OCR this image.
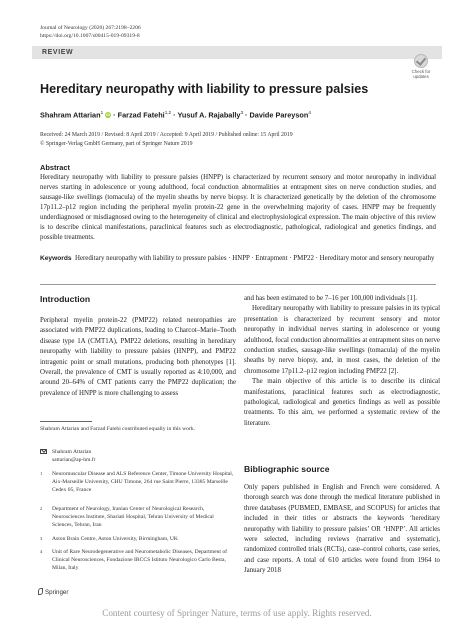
Journal of Neurology (2020) 267:2198–2206
https://doi.org/10.1007/s00415-019-09319-8
REVIEW
Check for updates
Hereditary neuropathy with liability to pressure palsies
Shahram Attarian$^1$ iD · Farzad Fatehi$^{1,2}$ · Yusuf A. Rajabally$^3$ · Davide Pareyson$^4$
Received: 24 March 2019 / Revised: 8 April 2019 / Accepted: 9 April 2019 / Published online: 15 April 2019
© Springer-Verlag GmbH Germany, part of Springer Nature 2019
Abstract
Hereditary neuropathy with liability to pressure palsies (HNPP) is characterized by recurrent sensory and motor neuropathy in individual nerves starting in adolescence or young adulthood, focal conduction abnormalities at entrapment sites on nerve conduction studies, and sausage-like swellings (tomacula) of the myelin sheaths by nerve biopsy. It is characterized genetically by the deletion of the chromosome 17p11.2–p12 region including the peripheral myelin protein-22 gene in the overwhelming majority of cases. HNPP may be frequently underdiagnosed or misdiagnosed owing to the heterogeneity of clinical and electrophysiological expression. The main objective of this review is to describe clinical manifestations, paraclinical features such as electrodiagnostic, pathological, radiological and genetics findings, and possible treatments.
Keywords Hereditary neuropathy with liability to pressure palsies · HNPP · Entrapment · PMP22 · Hereditary motor and sensory neuropathy
Introduction

Peripheral myelin protein-22 (PMP22) related neuropathies are associated with PMP22 duplications, leading to Charcot–Marie–Tooth disease type 1A (CMT1A), PMP22 deletions, resulting in hereditary neuropathy with liability to pressure palsies (HNPP), and PMP22 intragenic point or small mutations, producing both phenotypes [1]. Overall, the prevalence of CMT is usually reported as 4:10,000, and around 20–64% of CMT patients carry the PMP22 duplication; the prevalence of HNPP is more challenging to assess

and has been estimated to be 7–16 per 100,000 individuals [1].

Hereditary neuropathy with liability to pressure palsies in its typical presentation is characterized by recurrent sensory and motor neuropathy in individual nerves starting in adolescence or young adulthood, focal conduction abnormalities at entrapment sites on nerve conduction studies, sausage-like swellings (tomacula) of the myelin sheaths by nerve biopsy, and, in most cases, the deletion of the chromosome 17p11.2–p12 region including PMP22 [2].

The main objective of this article is to describe its clinical manifestations, paraclinical features such as electrodiagnostic, pathological, radiological and genetics findings as well as possible treatments. To this aim, we performed a systematic review of the literature.

Bibliographic source

Only papers published in English and French were considered. A thorough search was done through the medical literature published in three databases (PUBMED, EMBASE, and SCOPUS) for articles that included in their titles or abstracts the keywords ‘hereditary neuropathy with liability to pressure palsies’ OR ‘HNPP’. All articles were selected, including reviews (narrative and systematic), randomized controlled trials (RCTs), case–control cohorts, case series, and case reports. A total of 610 articles were found from 1964 to January 2018

Shahram Attarian and Farzad Fatehi contributed equally in this work.
Shahram Attarian
sattarian@ap-hm.fr
1 Neuromuscular Disease and ALS Reference Center, Timone University Hospital, Aix-Marseille University, CHU Timone, 264 rue Saint Pierre, 13385 Marseille Cedex 05, France
2 Department of Neurology, Iranian Center of Neurological Research, Neurosciences Institute, Shariati Hospital, Tehran University of Medical Sciences, Tehran, Iran
3 Aston Brain Centre, Aston University, Birmingham, UK
4 Unit of Rare Neurodegenerative and Neurometabolic Diseases, Department of Clinical Neurosciences, Fondazione IRCCS Istituto Neurologico Carlo Besta, Milan, Italy
Springer
Content courtesy of Springer Nature, terms of use apply. Rights reserved.
